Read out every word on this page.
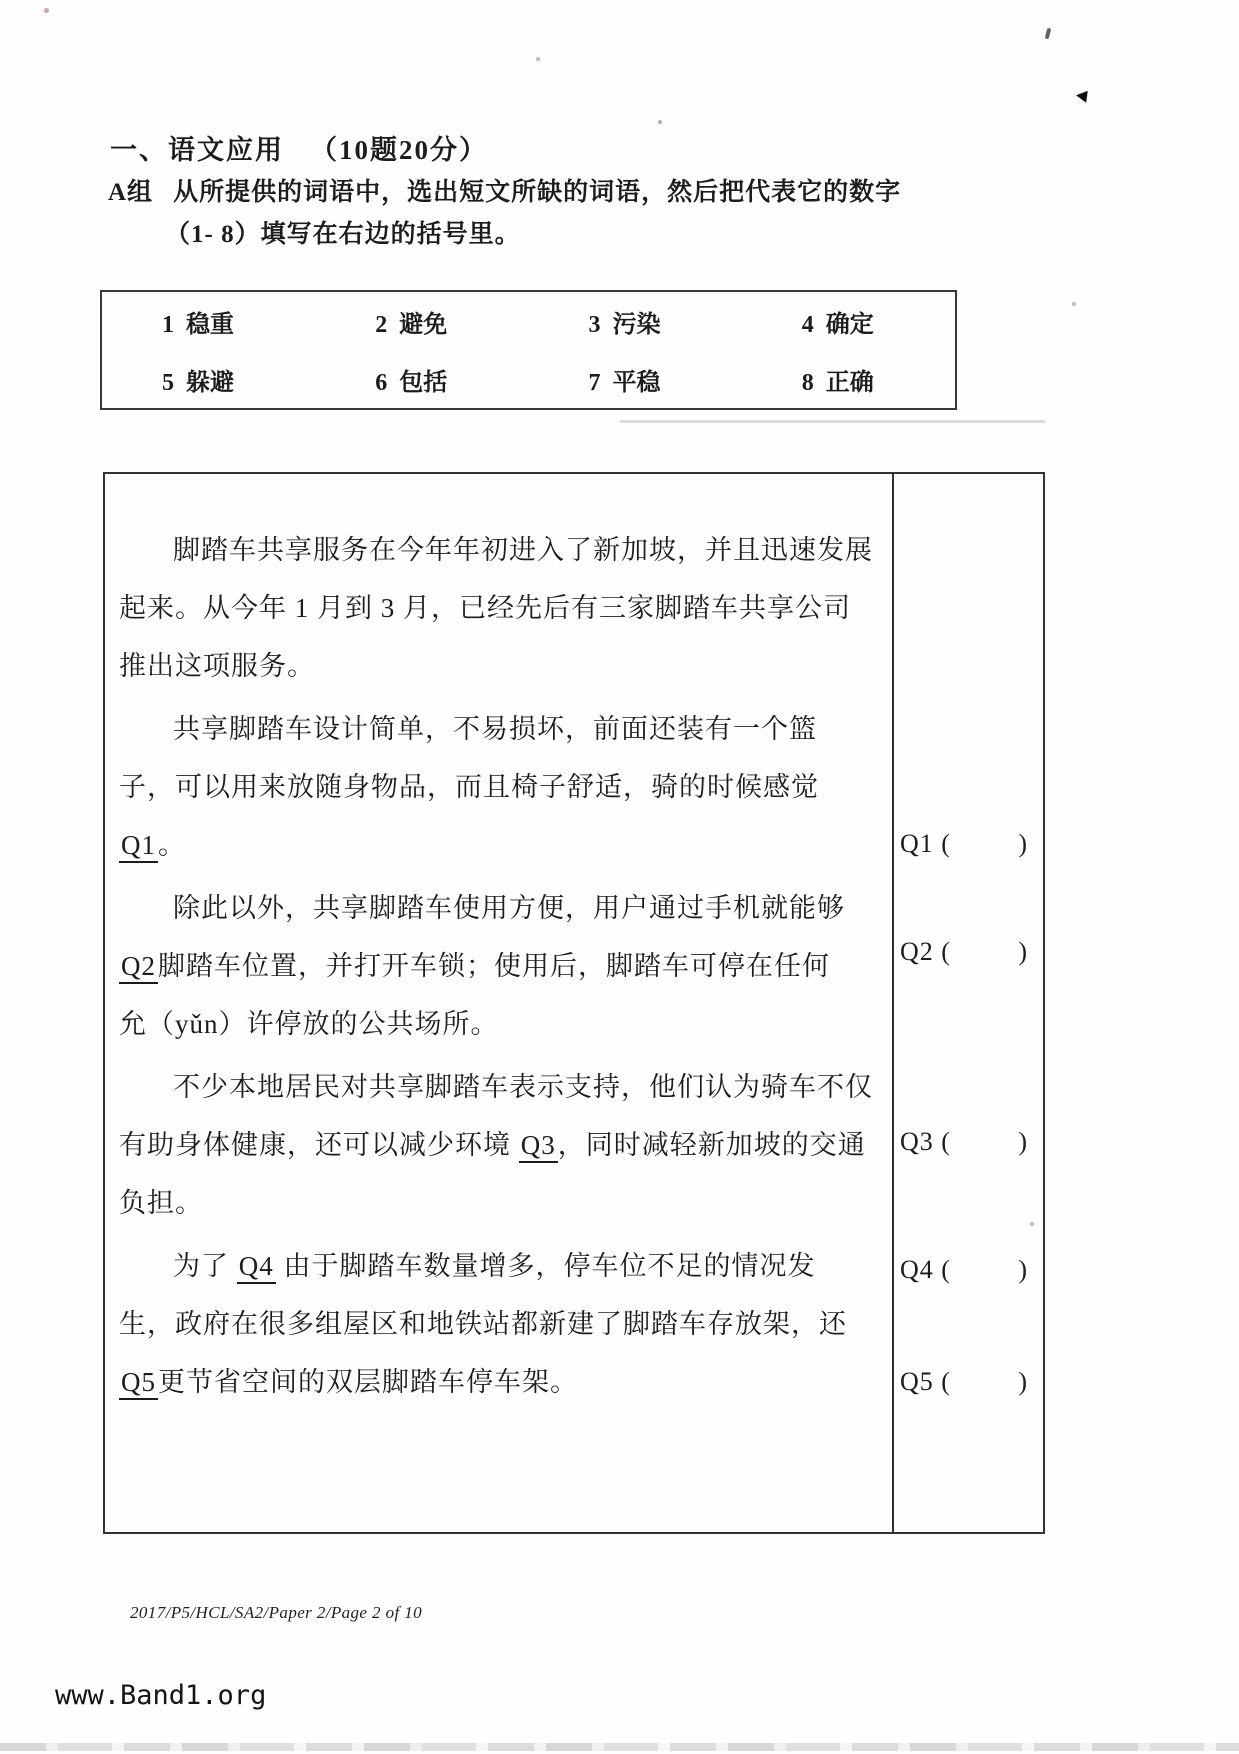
一、语文应用 （10题20分）
A组 从所提供的词语中，选出短文所缺的词语，然后把代表它的数字
（1- 8）填写在右边的括号里。
1 稳重	2 避免	3 污染	4 确定
5 躲避	6 包括	7 平稳	8 正确
脚踏车共享服务在今年年初进入了新加坡，并且迅速发展
起来。从今年 1 月到 3 月，已经先后有三家脚踏车共享公司
推出这项服务。
共享脚踏车设计简单，不易损坏，前面还装有一个篮
子，可以用来放随身物品，而且椅子舒适，骑的时候感觉
Q1。
除此以外，共享脚踏车使用方便，用户通过手机就能够
Q2脚踏车位置，并打开车锁；使用后，脚踏车可停在任何
允（yǔn）许停放的公共场所。
不少本地居民对共享脚踏车表示支持，他们认为骑车不仅
有助身体健康，还可以减少环境 Q3，同时减轻新加坡的交通
负担。
为了 Q4 由于脚踏车数量增多，停车位不足的情况发
生，政府在很多组屋区和地铁站都新建了脚踏车存放架，还
Q5更节省空间的双层脚踏车停车架。
Q1 (	)
Q2 (	)
Q3 (	)
Q4 (	)
Q5 (	)
2017/P5/HCL/SA2/Paper 2/Page 2 of 10
www.Band1.org
